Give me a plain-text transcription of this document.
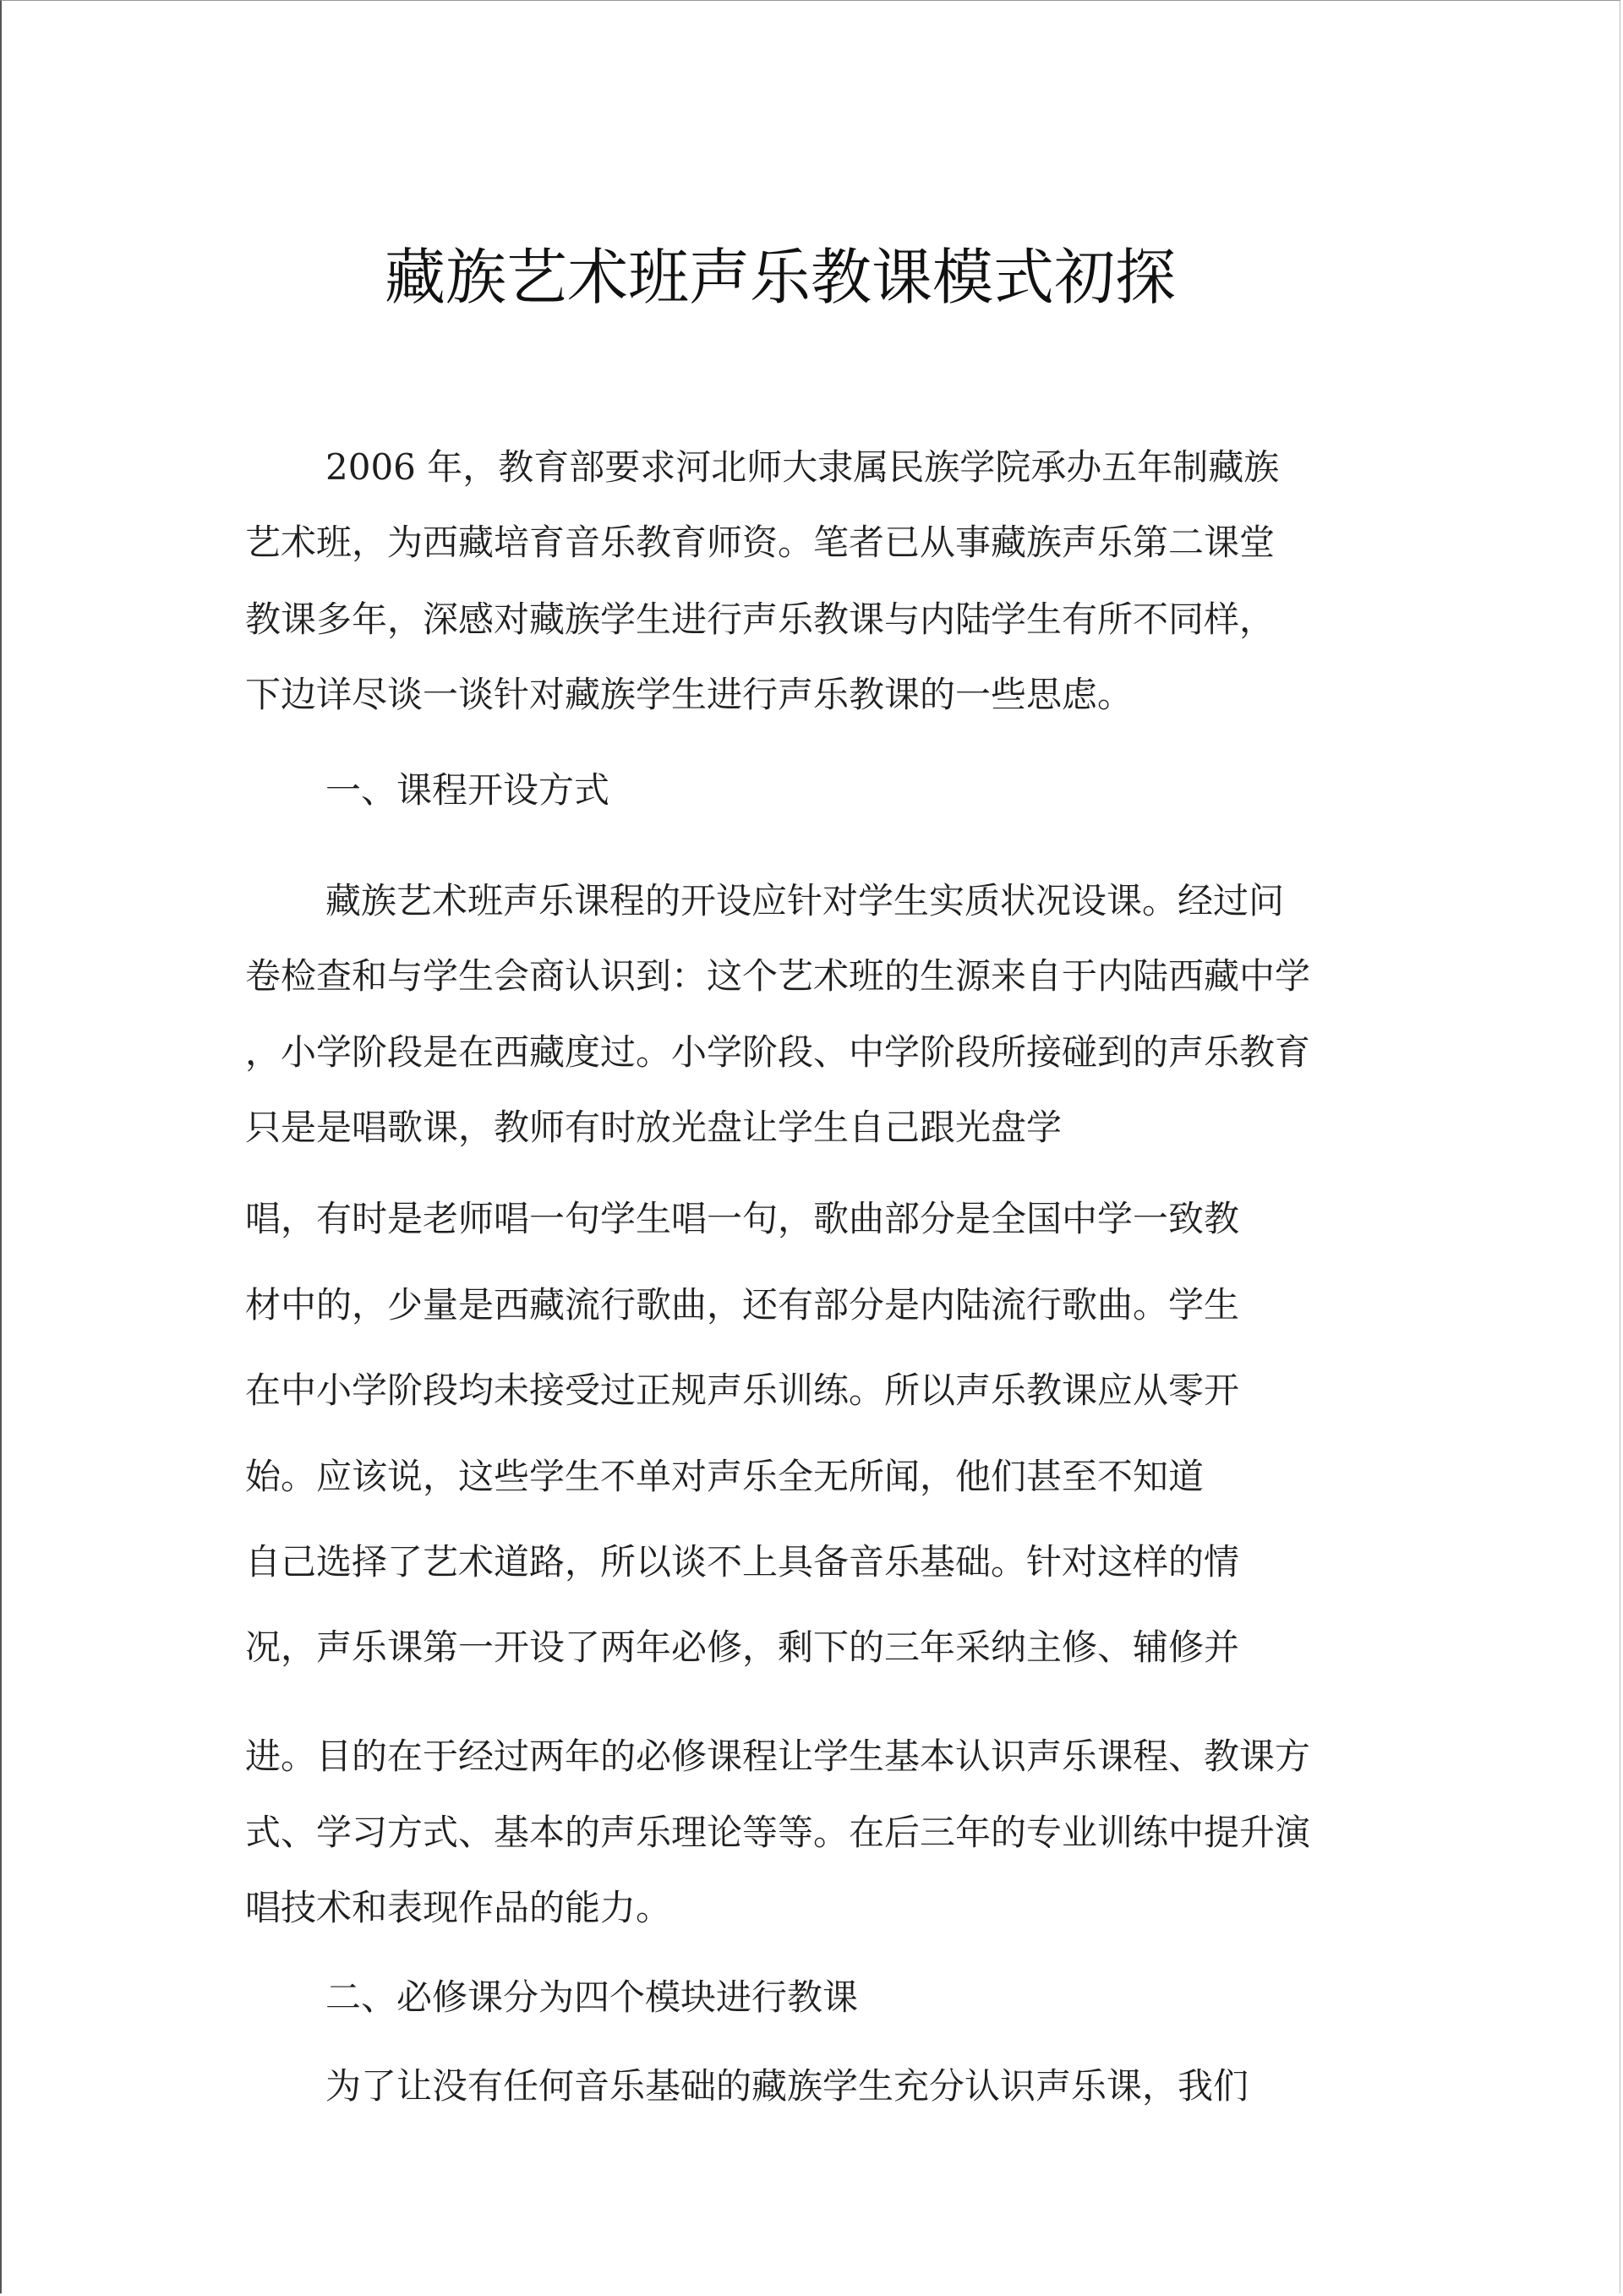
藏族艺术班声乐教课模式初探
2006 年，教育部要求河北师大隶属民族学院承办五年制藏族
艺术班，为西藏培育音乐教育师资。笔者已从事藏族声乐第二课堂
教课多年，深感对藏族学生进行声乐教课与内陆学生有所不同样，
下边详尽谈一谈针对藏族学生进行声乐教课的一些思虑。
一、课程开设方式
藏族艺术班声乐课程的开设应针对学生实质状况设课。经过问
卷检查和与学生会商认识到：这个艺术班的生源来自于内陆西藏中学
，小学阶段是在西藏度过。小学阶段、中学阶段所接碰到的声乐教育
只是是唱歌课，教师有时放光盘让学生自己跟光盘学
唱，有时是老师唱一句学生唱一句，歌曲部分是全国中学一致教
材中的，少量是西藏流行歌曲，还有部分是内陆流行歌曲。学生
在中小学阶段均未接受过正规声乐训练。所以声乐教课应从零开
始。应该说，这些学生不单对声乐全无所闻，他们甚至不知道
自己选择了艺术道路，所以谈不上具备音乐基础。针对这样的情
况，声乐课第一开设了两年必修，剩下的三年采纳主修、辅修并
进。目的在于经过两年的必修课程让学生基本认识声乐课程、教课方
式、学习方式、基本的声乐理论等等。在后三年的专业训练中提升演
唱技术和表现作品的能力。
二、必修课分为四个模块进行教课
为了让没有任何音乐基础的藏族学生充分认识声乐课，我们
